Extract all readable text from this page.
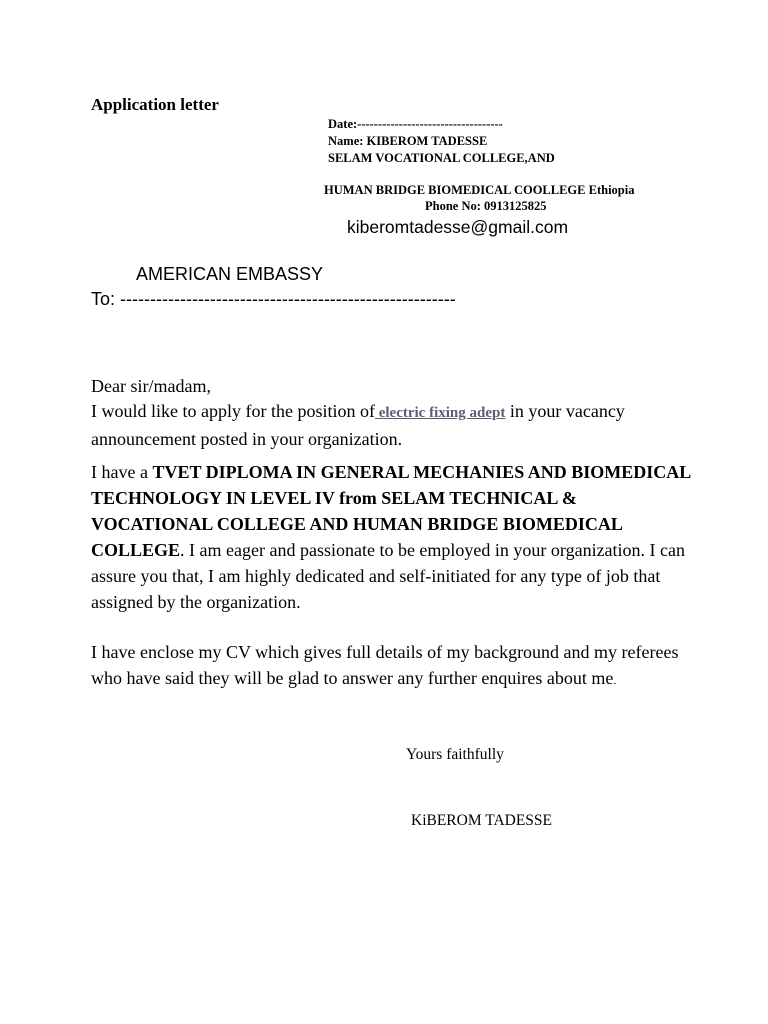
Application letter
Date:-----------------------------------
Name: KIBEROM TADESSE
SELAM VOCATIONAL COLLEGE,AND
HUMAN BRIDGE BIOMEDICAL COOLLEGE Ethiopia
Phone No: 0913125825
kiberomtadesse@gmail.com
AMERICAN EMBASSY
To: --------------------------------------------------------
Dear sir/madam,
I would like to apply for the position of electric fixing adept in your vacancy announcement posted in your organization.
I have a TVET DIPLOMA IN GENERAL MECHANIES AND BIOMEDICAL TECHNOLOGY IN LEVEL IV from SELAM TECHNICAL & VOCATIONAL COLLEGE AND HUMAN BRIDGE BIOMEDICAL COLLEGE. I am eager and passionate to be employed in your organization. I can assure you that, I am highly dedicated and self-initiated for any type of job that assigned by the organization.
I have enclose my CV which gives full details of my background and my referees who have said they will be glad to answer any further enquires about me.
Yours faithfully
KiBEROM TADESSE
